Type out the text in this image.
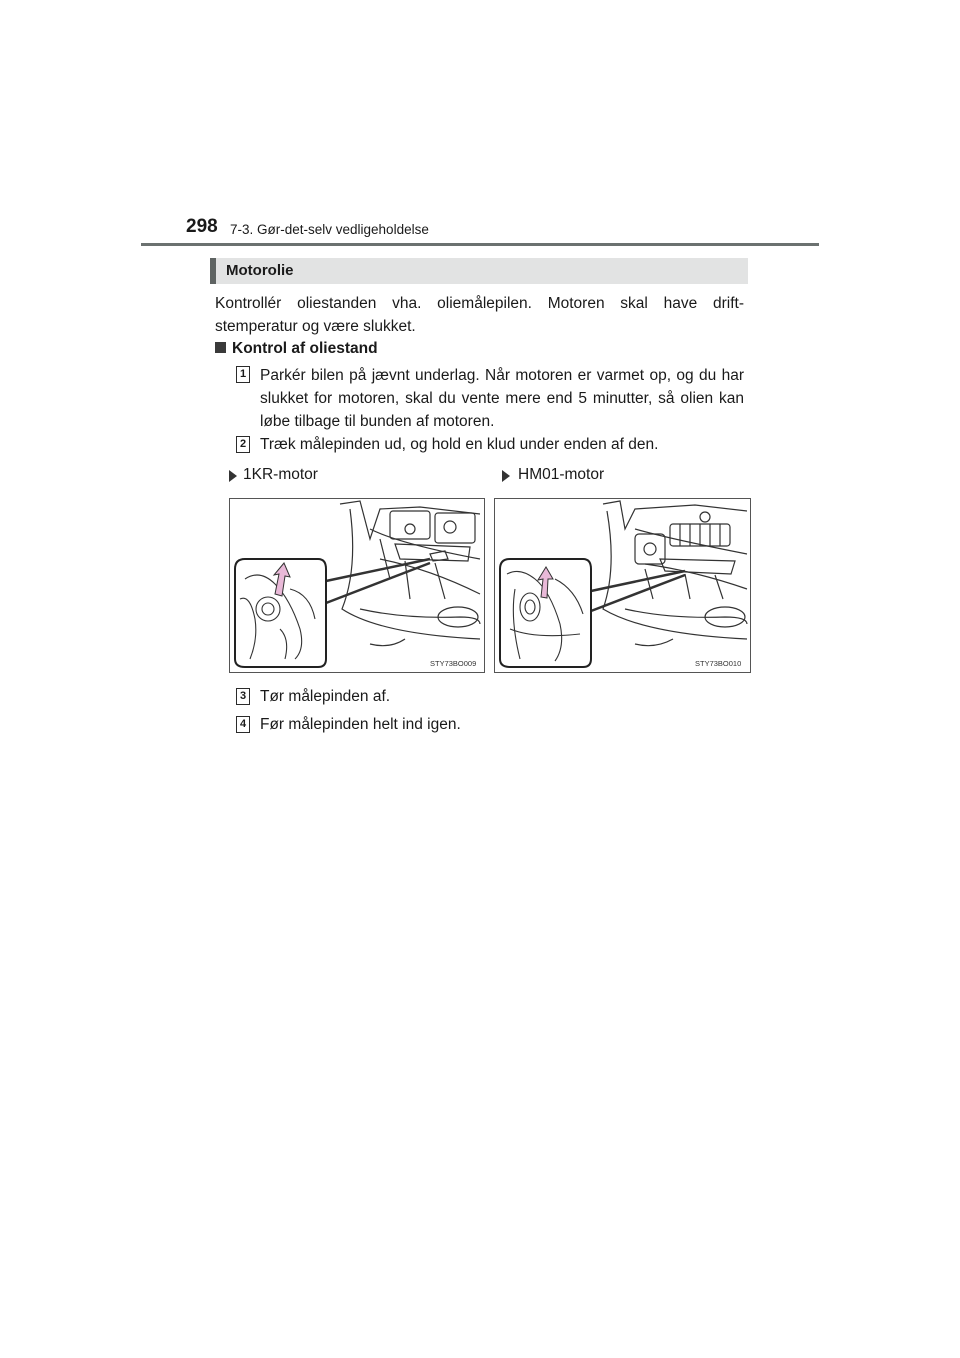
298 7-3. Gør-det-selv vedligeholdelse
Motorolie
Kontrollér oliestanden vha. oliemålepilen. Motoren skal have drift-stemperatur og være slukket.
Kontrol af oliestand
1 Parkér bilen på jævnt underlag. Når motoren er varmet op, og du har slukket for motoren, skal du vente mere end 5 minutter, så olien kan løbe tilbage til bunden af motoren.
2 Træk målepinden ud, og hold en klud under enden af den.
1KR-motor	HM01-motor
STY73BO009	STY73BO010
3 Tør målepinden af.
4 Før målepinden helt ind igen.
